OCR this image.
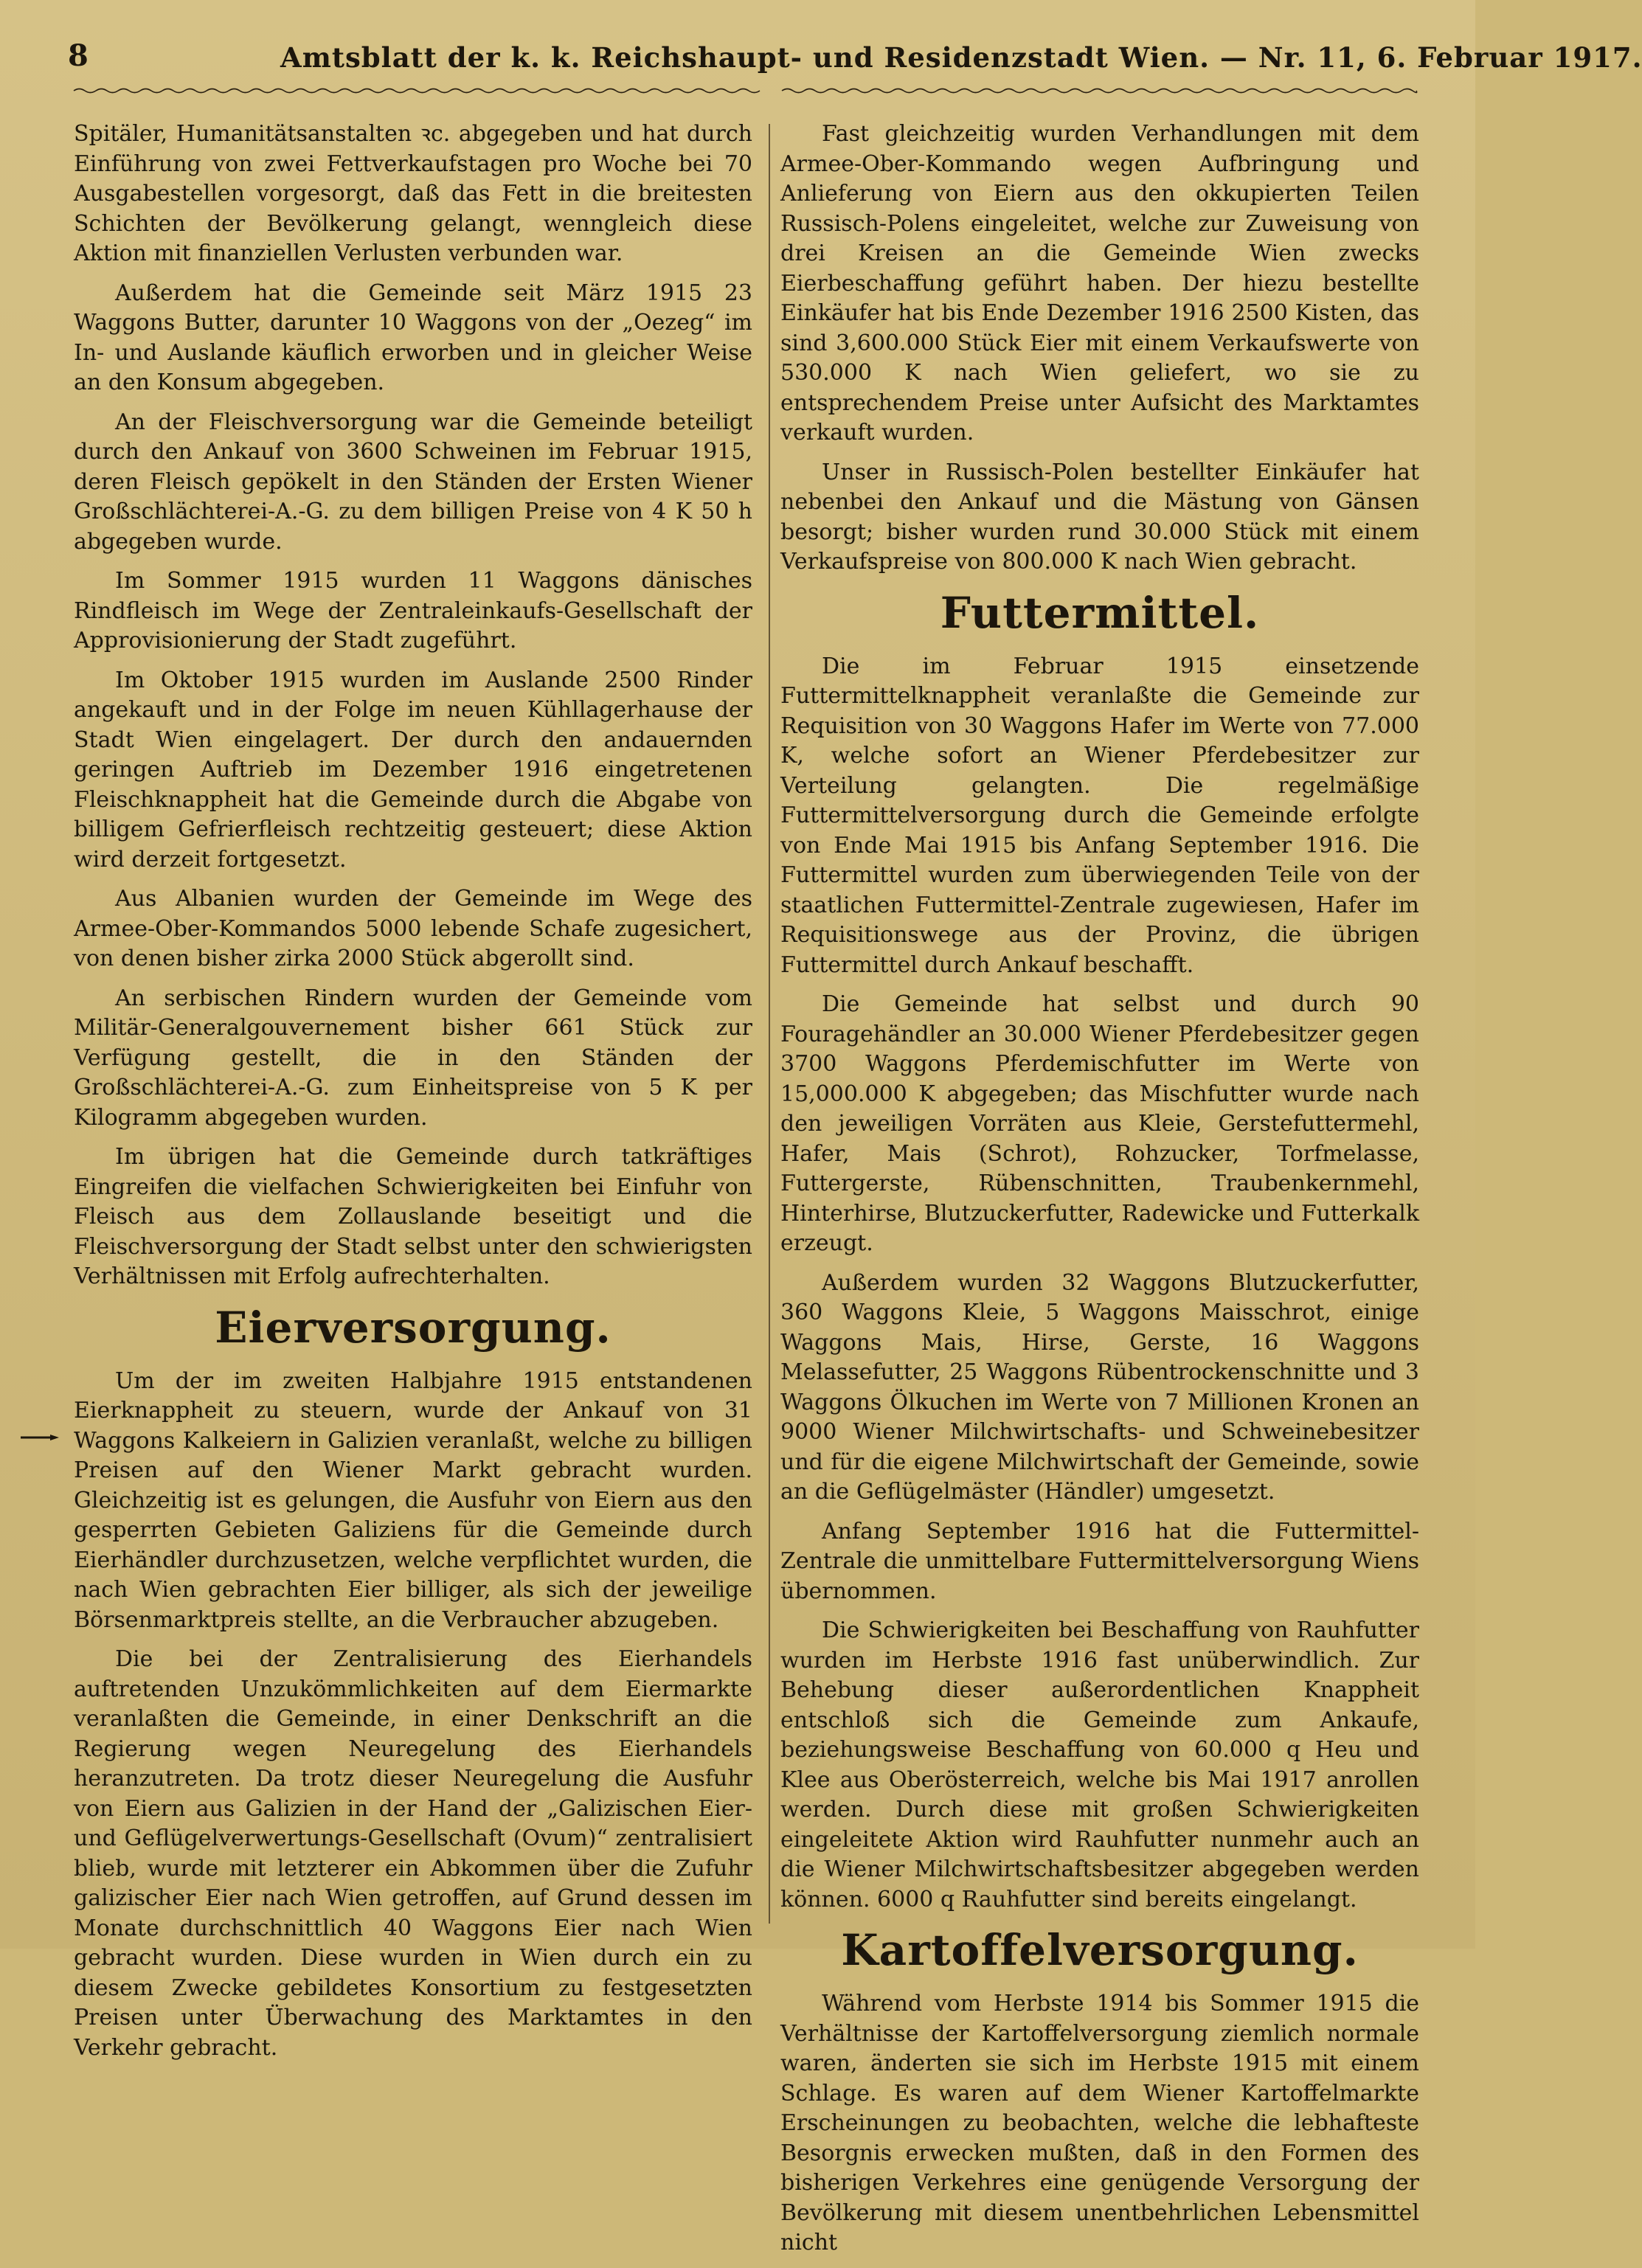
8	Amtsblatt der k. k. Reichshaupt- und Residenzstadt Wien. — Nr. 11, 6. Februar 1917.

Spitäler, Humanitätsanstalten ꝛc. abgegeben und hat durch Einführung von zwei Fettverkaufstagen pro Woche bei 70 Ausgabestellen vorgesorgt, daß das Fett in die breitesten Schichten der Bevölkerung gelangt, wenngleich diese Aktion mit finanziellen Verlusten verbunden war.

Außerdem hat die Gemeinde seit März 1915 23 Waggons Butter, darunter 10 Waggons von der „Oezeg“ im In- und Auslande käuflich erworben und in gleicher Weise an den Konsum abgegeben.

An der Fleischversorgung war die Gemeinde beteiligt durch den Ankauf von 3600 Schweinen im Februar 1915, deren Fleisch gepökelt in den Ständen der Ersten Wiener Großschlächterei-A.-G. zu dem billigen Preise von 4 K 50 h abgegeben wurde.

Im Sommer 1915 wurden 11 Waggons dänisches Rindfleisch im Wege der Zentraleinkaufs-Gesellschaft der Approvisionierung der Stadt zugeführt.

Im Oktober 1915 wurden im Auslande 2500 Rinder angekauft und in der Folge im neuen Kühllagerhause der Stadt Wien eingelagert. Der durch den andauernden geringen Auftrieb im Dezember 1916 eingetretenen Fleischknappheit hat die Gemeinde durch die Abgabe von billigem Gefrierfleisch rechtzeitig gesteuert; diese Aktion wird derzeit fortgesetzt.

Aus Albanien wurden der Gemeinde im Wege des Armee-Ober-Kommandos 5000 lebende Schafe zugesichert, von denen bisher zirka 2000 Stück abgerollt sind.

An serbischen Rindern wurden der Gemeinde vom Militär-Generalgouvernement bisher 661 Stück zur Verfügung gestellt, die in den Ständen der Großschlächterei-A.-G. zum Einheitspreise von 5 K per Kilogramm abgegeben wurden.

Im übrigen hat die Gemeinde durch tatkräftiges Eingreifen die vielfachen Schwierigkeiten bei Einfuhr von Fleisch aus dem Zollauslande beseitigt und die Fleischversorgung der Stadt selbst unter den schwierigsten Verhältnissen mit Erfolg aufrechterhalten.

Eierversorgung.

Um der im zweiten Halbjahre 1915 entstandenen Eierknappheit zu steuern, wurde der Ankauf von 31 Waggons Kalkeiern in Galizien veranlaßt, welche zu billigen Preisen auf den Wiener Markt gebracht wurden. Gleichzeitig ist es gelungen, die Ausfuhr von Eiern aus den gesperrten Gebieten Galiziens für die Gemeinde durch Eierhändler durchzusetzen, welche verpflichtet wurden, die nach Wien gebrachten Eier billiger, als sich der jeweilige Börsenmarktpreis stellte, an die Verbraucher abzugeben.

Die bei der Zentralisierung des Eierhandels auftretenden Unzukömmlichkeiten auf dem Eiermarkte veranlaßten die Gemeinde, in einer Denkschrift an die Regierung wegen Neuregelung des Eierhandels heranzutreten. Da trotz dieser Neuregelung die Ausfuhr von Eiern aus Galizien in der Hand der „Galizischen Eier- und Geflügelverwertungs-Gesellschaft (Ovum)“ zentralisiert blieb, wurde mit letzterer ein Abkommen über die Zufuhr galizischer Eier nach Wien getroffen, auf Grund dessen im Monate durchschnittlich 40 Waggons Eier nach Wien gebracht wurden. Diese wurden in Wien durch ein zu diesem Zwecke gebildetes Konsortium zu festgesetzten Preisen unter Überwachung des Marktamtes in den Verkehr gebracht.

Fast gleichzeitig wurden Verhandlungen mit dem Armee-Ober-Kommando wegen Aufbringung und Anlieferung von Eiern aus den okkupierten Teilen Russisch-Polens eingeleitet, welche zur Zuweisung von drei Kreisen an die Gemeinde Wien zwecks Eierbeschaffung geführt haben. Der hiezu bestellte Einkäufer hat bis Ende Dezember 1916 2500 Kisten, das sind 3,600.000 Stück Eier mit einem Verkaufswerte von 530.000 K nach Wien geliefert, wo sie zu entsprechendem Preise unter Aufsicht des Marktamtes verkauft wurden.

Unser in Russisch-Polen bestellter Einkäufer hat nebenbei den Ankauf und die Mästung von Gänsen besorgt; bisher wurden rund 30.000 Stück mit einem Verkaufspreise von 800.000 K nach Wien gebracht.

Futtermittel.

Die im Februar 1915 einsetzende Futtermittelknappheit veranlaßte die Gemeinde zur Requisition von 30 Waggons Hafer im Werte von 77.000 K, welche sofort an Wiener Pferdebesitzer zur Verteilung gelangten. Die regelmäßige Futtermittelversorgung durch die Gemeinde erfolgte von Ende Mai 1915 bis Anfang September 1916. Die Futtermittel wurden zum überwiegenden Teile von der staatlichen Futtermittel-Zentrale zugewiesen, Hafer im Requisitionswege aus der Provinz, die übrigen Futtermittel durch Ankauf beschafft.

Die Gemeinde hat selbst und durch 90 Fouragehändler an 30.000 Wiener Pferdebesitzer gegen 3700 Waggons Pferdemischfutter im Werte von 15,000.000 K abgegeben; das Mischfutter wurde nach den jeweiligen Vorräten aus Kleie, Gerstefuttermehl, Hafer, Mais (Schrot), Rohzucker, Torfmelasse, Futtergerste, Rübenschnitten, Traubenkernmehl, Hinterhirse, Blutzuckerfutter, Radewicke und Futterkalk erzeugt.

Außerdem wurden 32 Waggons Blutzuckerfutter, 360 Waggons Kleie, 5 Waggons Maisschrot, einige Waggons Mais, Hirse, Gerste, 16 Waggons Melassefutter, 25 Waggons Rübentrockenschnitte und 3 Waggons Ölkuchen im Werte von 7 Millionen Kronen an 9000 Wiener Milchwirtschafts- und Schweinebesitzer und für die eigene Milchwirtschaft der Gemeinde, sowie an die Geflügelmäster (Händler) umgesetzt.

Anfang September 1916 hat die Futtermittel-Zentrale die unmittelbare Futtermittelversorgung Wiens übernommen.

Die Schwierigkeiten bei Beschaffung von Rauhfutter wurden im Herbste 1916 fast unüberwindlich. Zur Behebung dieser außerordentlichen Knappheit entschloß sich die Gemeinde zum Ankaufe, beziehungsweise Beschaffung von 60.000 q Heu und Klee aus Oberösterreich, welche bis Mai 1917 anrollen werden. Durch diese mit großen Schwierigkeiten eingeleitete Aktion wird Rauhfutter nunmehr auch an die Wiener Milchwirtschaftsbesitzer abgegeben werden können. 6000 q Rauhfutter sind bereits eingelangt.

Kartoffelversorgung.

Während vom Herbste 1914 bis Sommer 1915 die Verhältnisse der Kartoffelversorgung ziemlich normale waren, änderten sie sich im Herbste 1915 mit einem Schlage. Es waren auf dem Wiener Kartoffelmarkte Erscheinungen zu beobachten, welche die lebhafteste Besorgnis erwecken mußten, daß in den Formen des bisherigen Verkehres eine genügende Versorgung der Bevölkerung mit diesem unentbehrlichen Lebensmittel nicht
